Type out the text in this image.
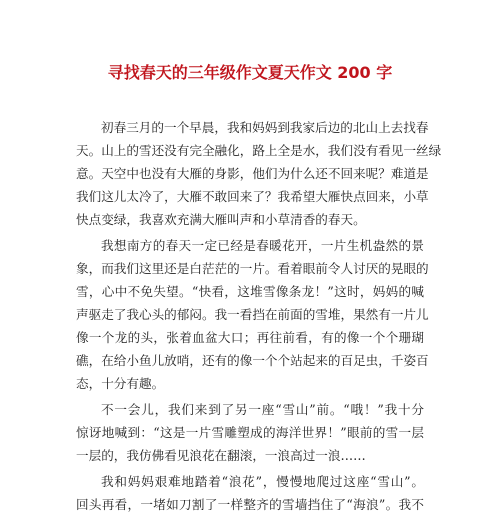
寻找春天的三年级作文夏天作文 200 字
初春三月的一个早晨，我和妈妈到我家后边的北山上去找春
天。山上的雪还没有完全融化，路上全是水，我们没有看见一丝绿
意。天空中也没有大雁的身影，他们为什么还不回来呢？难道是
我们这儿太冷了，大雁不敢回来了？我希望大雁快点回来，小草
快点变绿，我喜欢充满大雁叫声和小草清香的春天。
我想南方的春天一定已经是春暖花开，一片生机盎然的景
象，而我们这里还是白茫茫的一片。看着眼前令人讨厌的晃眼的
雪，心中不免失望。“快看，这堆雪像条龙！”这时，妈妈的喊
声驱走了我心头的郁闷。我一看挡在前面的雪堆，果然有一片儿
像一个龙的头，张着血盆大口；再往前看，有的像一个个珊瑚
礁，在给小鱼儿放哨，还有的像一个个站起来的百足虫，千姿百
态，十分有趣。
不一会儿，我们来到了另一座“雪山”前。“哦！”我十分
惊讶地喊到：“这是一片雪雕塑成的海洋世界！”眼前的雪一层
一层的，我仿佛看见浪花在翻滚，一浪高过一浪……
我和妈妈艰难地踏着“浪花”，慢慢地爬过这座“雪山”。
回头再看，一堵如刀割了一样整齐的雪墙挡住了“海浪”。我不
